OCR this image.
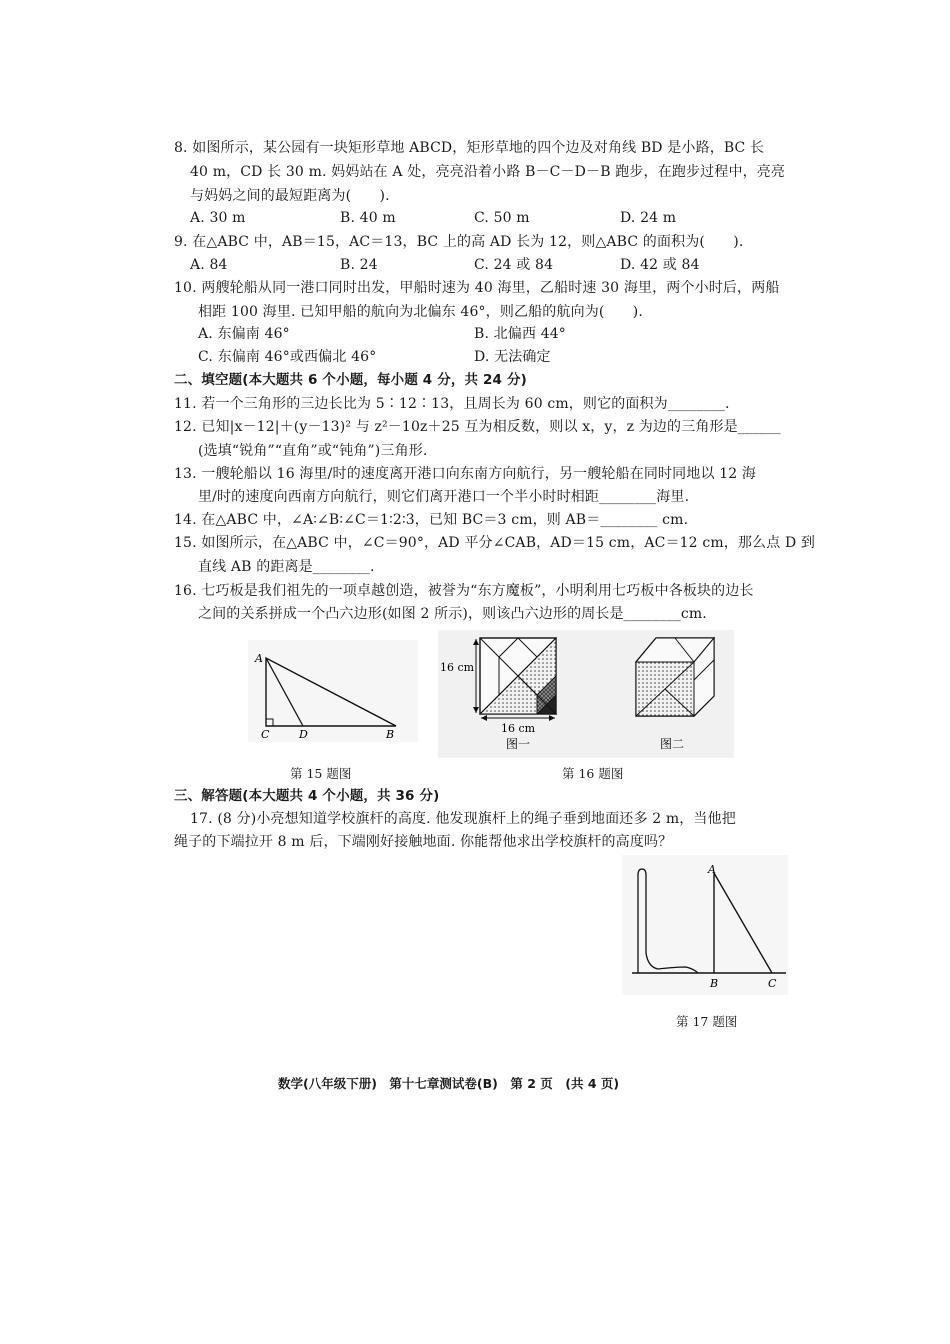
8. 如图所示，某公园有一块矩形草地 ABCD，矩形草地的四个边及对角线 BD 是小路，BC 长

40 m，CD 长 30 m. 妈妈站在 A 处，亮亮沿着小路 B－C－D－B 跑步，在跑步过程中，亮亮

与妈妈之间的最短距离为(　　).

A. 30 m	B. 40 m	C. 50 m	D. 24 m

9. 在△ABC 中，AB＝15，AC＝13，BC 上的高 AD 长为 12，则△ABC 的面积为(　　).

A. 84	B. 24	C. 24 或 84	D. 42 或 84

10. 两艘轮船从同一港口同时出发，甲船时速为 40 海里，乙船时速 30 海里，两个小时后，两船

相距 100 海里. 已知甲船的航向为北偏东 46°，则乙船的航向为(　　).

A. 东偏南 46°	B. 北偏西 44°

C. 东偏南 46°或西偏北 46°	D. 无法确定

二、填空题(本大题共 6 个小题，每小题 4 分，共 24 分)

11. 若一个三角形的三边长比为 5∶12∶13，且周长为 60 cm，则它的面积为________.

12. 已知|x－12|＋(y－13)² 与 z²－10z＋25 互为相反数，则以 x，y，z 为边的三角形是______

(选填“锐角”“直角”或“钝角”)三角形.

13. 一艘轮船以 16 海里/时的速度离开港口向东南方向航行，另一艘轮船在同时同地以 12 海

里/时的速度向西南方向航行，则它们离开港口一个半小时时相距________海里.

14. 在△ABC 中，∠A∶∠B∶∠C＝1∶2∶3，已知 BC＝3 cm，则 AB＝________ cm.

15. 如图所示，在△ABC 中，∠C＝90°，AD 平分∠CAB，AD＝15 cm，AC＝12 cm，那么点 D 到

直线 AB 的距离是________.

16. 七巧板是我们祖先的一项卓越创造，被誉为“东方魔板”，小明利用七巧板中各板块的边长

之间的关系拼成一个凸六边形(如图 2 所示)，则该凸六边形的周长是________cm.

A
C	D	B
第 15 题图
16 cm
16 cm
图一	图二
第 16 题图

三、解答题(本大题共 4 个小题，共 36 分)

17. (8 分)小亮想知道学校旗杆的高度. 他发现旗杆上的绳子垂到地面还多 2 m，当他把

绳子的下端拉开 8 m 后，下端刚好接触地面. 你能帮他求出学校旗杆的高度吗？

A
B	C
第 17 题图
数学(八年级下册)　第十七章测试卷(B)　第 2 页　(共 4 页)
